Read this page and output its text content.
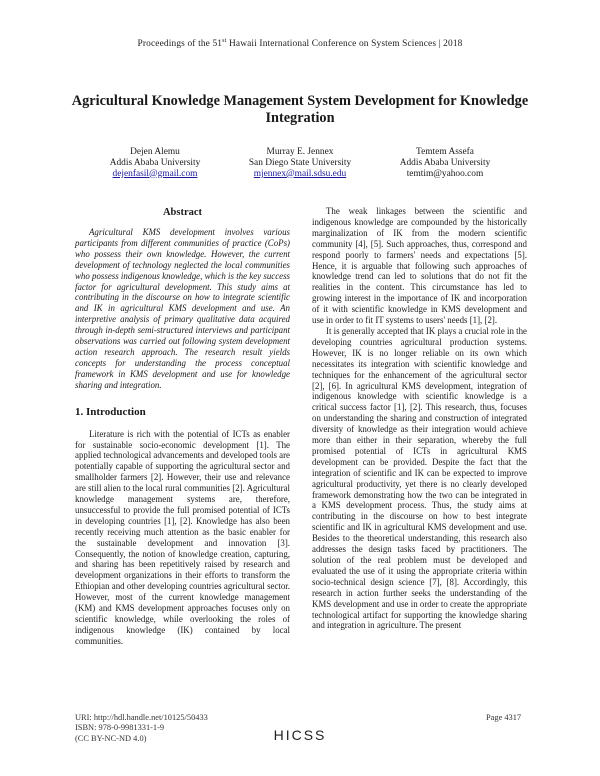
Proceedings of the 51st Hawaii International Conference on System Sciences | 2018
Agricultural Knowledge Management System Development for Knowledge Integration
Dejen Alemu
Addis Ababa University
dejenfasil@gmail.com
Murray E. Jennex
San Diego State University
mjennex@mail.sdsu.edu
Temtem Assefa
Addis Ababa University
temtim@yahoo.com
Abstract

Agricultural KMS development involves various participants from different communities of practice (CoPs) who possess their own knowledge. However, the current development of technology neglected the local communities who possess indigenous knowledge, which is the key success factor for agricultural development. This study aims at contributing in the discourse on how to integrate scientific and IK in agricultural KMS development and use. An interpretive analysis of primary qualitative data acquired through in-depth semi-structured interviews and participant observations was carried out following system development action research approach. The research result yields concepts for understanding the process conceptual framework in KMS development and use for knowledge sharing and integration.

1. Introduction

Literature is rich with the potential of ICTs as enabler for sustainable socio-economic development [1]. The applied technological advancements and developed tools are potentially capable of supporting the agricultural sector and smallholder farmers [2]. However, their use and relevance are still alien to the local rural communities [2]. Agricultural knowledge management systems are, therefore, unsuccessful to provide the full promised potential of ICTs in developing countries [1], [2]. Knowledge has also been recently receiving much attention as the basic enabler for the sustainable development and innovation [3]. Consequently, the notion of knowledge creation, capturing, and sharing has been repetitively raised by research and development organizations in their efforts to transform the Ethiopian and other developing countries agricultural sector. However, most of the current knowledge management (KM) and KMS development approaches focuses only on scientific knowledge, while overlooking the roles of indigenous knowledge (IK) contained by local communities.

The weak linkages between the scientific and indigenous knowledge are compounded by the historically marginalization of IK from the modern scientific community [4], [5]. Such approaches, thus, correspond and respond poorly to farmers' needs and expectations [5]. Hence, it is arguable that following such approaches of knowledge trend can led to solutions that do not fit the realities in the content. This circumstance has led to growing interest in the importance of IK and incorporation of it with scientific knowledge in KMS development and use in order to fit IT systems to users' needs [1], [2].

It is generally accepted that IK plays a crucial role in the developing countries agricultural production systems. However, IK is no longer reliable on its own which necessitates its integration with scientific knowledge and techniques for the enhancement of the agricultural sector [2], [6]. In agricultural KMS development, integration of indigenous knowledge with scientific knowledge is a critical success factor [1], [2]. This research, thus, focuses on understanding the sharing and construction of integrated diversity of knowledge as their integration would achieve more than either in their separation, whereby the full promised potential of ICTs in agricultural KMS development can be provided. Despite the fact that the integration of scientific and IK can be expected to improve agricultural productivity, yet there is no clearly developed framework demonstrating how the two can be integrated in a KMS development process. Thus, the study aims at contributing in the discourse on how to best integrate scientific and IK in agricultural KMS development and use. Besides to the theoretical understanding, this research also addresses the design tasks faced by practitioners. The solution of the real problem must be developed and evaluated the use of it using the appropriate criteria within socio-technical design science [7], [8]. Accordingly, this research in action further seeks the understanding of the KMS development and use in order to create the appropriate technological artifact for supporting the knowledge sharing and integration in agriculture. The present

URI: http://hdl.handle.net/10125/50433
ISBN: 978-0-9981331-1-9
(CC BY-NC-ND 4.0)
Page 4317
HICSS
